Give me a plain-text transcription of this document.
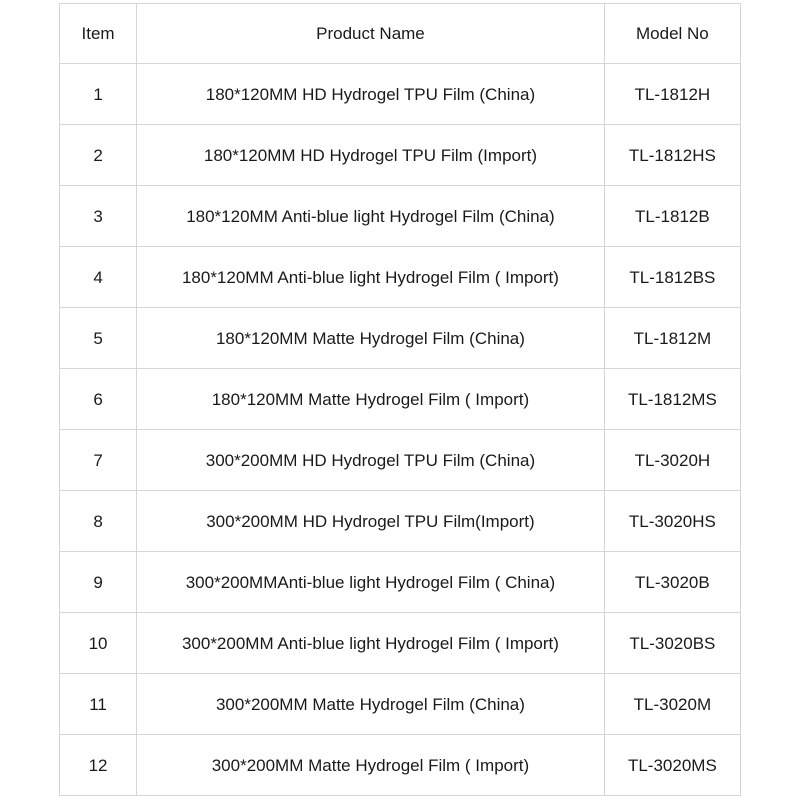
Item	Product Name	Model No
1	180*120MM HD Hydrogel TPU Film (China)	TL-1812H
2	180*120MM HD Hydrogel TPU Film (Import)	TL-1812HS
3	180*120MM Anti-blue light Hydrogel Film (China)	TL-1812B
4	180*120MM Anti-blue light Hydrogel Film ( Import)	TL-1812BS
5	180*120MM Matte Hydrogel Film (China)	TL-1812M
6	180*120MM Matte Hydrogel Film ( Import)	TL-1812MS
7	300*200MM HD Hydrogel TPU Film (China)	TL-3020H
8	300*200MM HD Hydrogel TPU Film(Import)	TL-3020HS
9	300*200MMAnti-blue light Hydrogel Film ( China)	TL-3020B
10	300*200MM Anti-blue light Hydrogel Film ( Import)	TL-3020BS
11	300*200MM Matte Hydrogel Film (China)	TL-3020M
12	300*200MM Matte Hydrogel Film ( Import)	TL-3020MS
